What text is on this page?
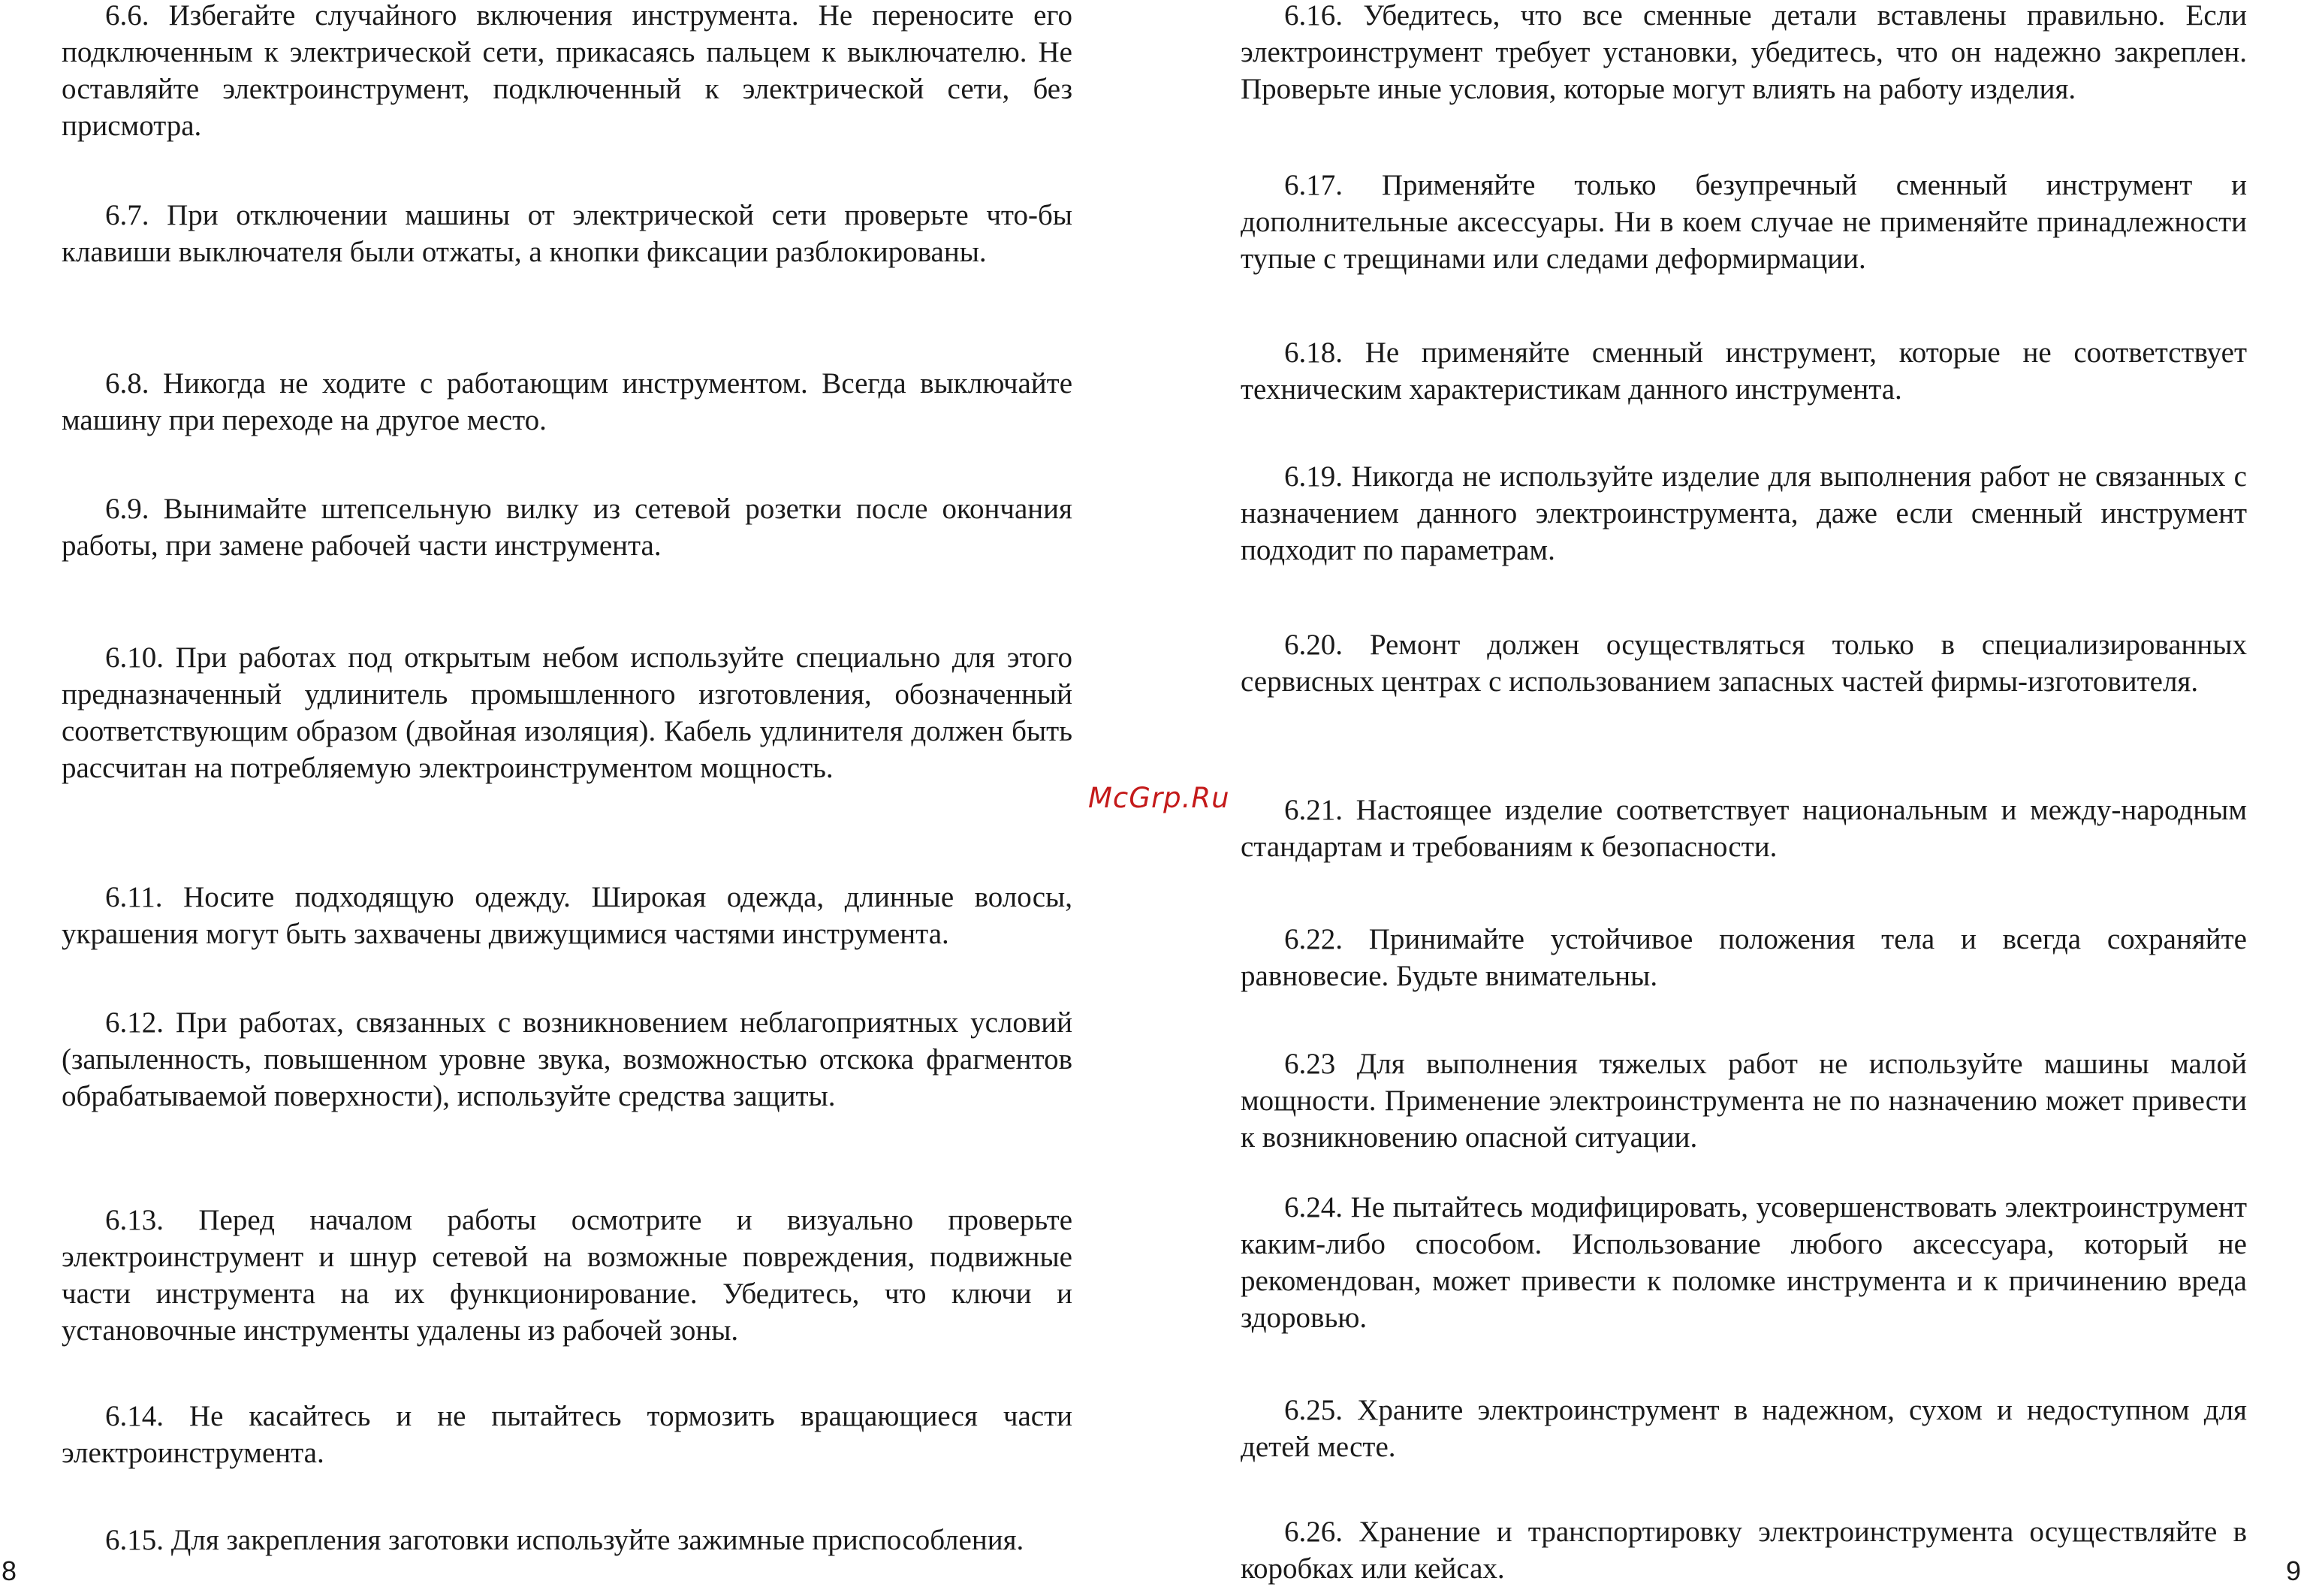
6.6. Избегайте случайного включения инструмента. Не переносите его подключенным к электрической сети, прикасаясь пальцем к выключателю. Не оставляйте электроинструмент, подключенный к электрической сети, без присмотра.

6.7. При отключении машины от электрической сети проверьте что-бы клавиши выключателя были отжаты, а кнопки фиксации разблокированы.

6.8. Никогда не ходите с работающим инструментом. Всегда выключайте машину при переходе на другое место.

6.9. Вынимайте штепсельную вилку из сетевой розетки после окончания работы, при замене рабочей части инструмента.

6.10. При работах под открытым небом используйте специально для этого предназначенный удлинитель промышленного изготовления, обозначенный соответствующим образом (двойная изоляция). Кабель удлинителя должен быть рассчитан на потребляемую электроинструментом мощность.

6.11. Носите подходящую одежду. Широкая одежда, длинные волосы, украшения могут быть захвачены движущимися частями инструмента.

6.12. При работах, связанных с возникновением неблагоприятных условий (запыленность, повышенном уровне звука, возможностью отскока фрагментов обрабатываемой поверхности), используйте средства защиты.

6.13. Перед началом работы осмотрите и визуально проверьте электроинструмент и шнур сетевой на возможные повреждения, подвижные части инструмента на их функционирование. Убедитесь, что ключи и установочные инструменты удалены из рабочей зоны.

6.14. Не касайтесь и не пытайтесь тормозить вращающиеся части электроинструмента.

6.15. Для закрепления заготовки используйте зажимные приспособления.

8
McGrp.Ru

6.16. Убедитесь, что все сменные детали вставлены правильно. Если электроинструмент требует установки, убедитесь, что он надежно закреплен. Проверьте иные условия, которые могут влиять на работу изделия.

6.17. Применяйте только безупречный сменный инструмент и дополнительные аксессуары. Ни в коем случае не применяйте принадлежности тупые с трещинами или следами деформирмации.

6.18. Не применяйте сменный инструмент, которые не соответствует техническим характеристикам данного инструмента.

6.19. Никогда не используйте изделие для выполнения работ не связанных с назначением данного электроинструмента, даже если сменный инструмент подходит по параметрам.

6.20. Ремонт должен осуществляться только в специализированных сервисных центрах с использованием запасных частей фирмы-изготовителя.

6.21. Настоящее изделие соответствует национальным и между-народным стандартам и требованиям к безопасности.

6.22. Принимайте устойчивое положения тела и всегда сохраняйте равновесие. Будьте внимательны.

6.23 Для выполнения тяжелых работ не используйте машины малой мощности. Применение электроинструмента не по назначению может привести к возникновению опасной ситуации.

6.24. Не пытайтесь модифицировать, усовершенствовать электроинструмент каким-либо способом. Использование любого аксессуара, который не рекомендован, может привести к поломке инструмента и к причинению вреда здоровью.

6.25. Храните электроинструмент в надежном, сухом и недоступном для детей месте.

6.26. Хранение и транспортировку электроинструмента осуществляйте в коробках или кейсах.	9
